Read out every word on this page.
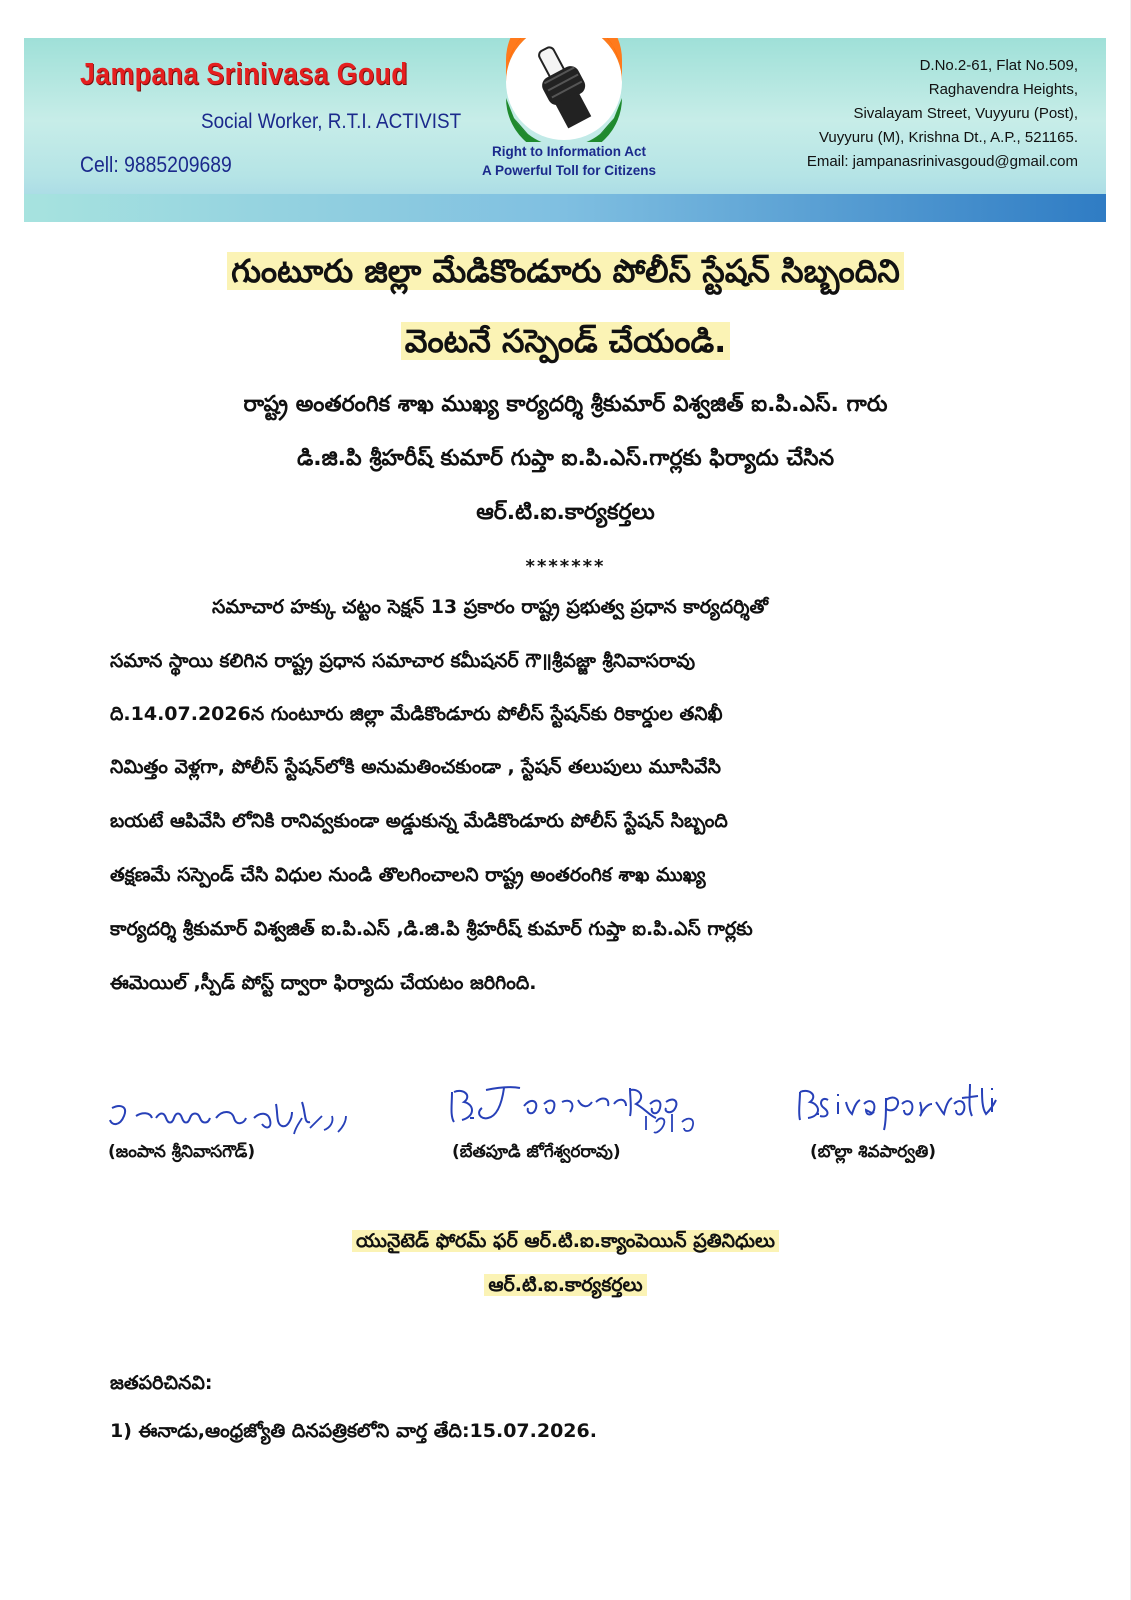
Jampana Srinivasa Goud
Social Worker, R.T.I. ACTIVIST
Cell: 9885209689
Right to Information Act
A Powerful Toll for Citizens
D.No.2-61, Flat No.509,
Raghavendra Heights,
Sivalayam Street, Vuyyuru (Post),
Vuyyuru (M), Krishna Dt., A.P., 521165.
Email: jampanasrinivasgoud@gmail.com
గుంటూరు జిల్లా మేడికొండూరు పోలీస్ స్టేషన్ సిబ్బందిని
వెంటనే సస్పెండ్ చేయండి.
రాష్ట్ర అంతరంగిక శాఖ ముఖ్య కార్యదర్శి శ్రీకుమార్ విశ్వజిత్ ఐ.పి.ఎస్. గారు
డి.జి.పి శ్రీహరీష్ కుమార్ గుప్తా ఐ.పి.ఎస్.గార్లకు ఫిర్యాదు చేసిన
ఆర్.టి.ఐ.కార్యకర్తలు
*******
సమాచార హక్కు చట్టం సెక్షన్ 13 ప్రకారం రాష్ట్ర ప్రభుత్వ ప్రధాన కార్యదర్శితో
సమాన స్థాయి కలిగిన రాష్ట్ర ప్రధాన సమాచార కమీషనర్ గౌ॥శ్రీవజ్జా శ్రీనివాసరావు
ది.14.07.2026న గుంటూరు జిల్లా మేడికొండూరు పోలీస్ స్టేషన్‌కు రికార్డుల తనిఖీ
నిమిత్తం వెళ్లగా, పోలీస్ స్టేషన్‌లోకి అనుమతించకుండా , స్టేషన్ తలుపులు మూసివేసి
బయటే ఆపివేసి లోనికి రానివ్వకుండా అడ్డుకున్న మేడికొండూరు పోలీస్ స్టేషన్ సిబ్బంది
తక్షణమే సస్పెండ్ చేసి విధుల నుండి తొలగించాలని రాష్ట్ర అంతరంగిక శాఖ ముఖ్య
కార్యదర్శి శ్రీకుమార్ విశ్వజిత్ ఐ.పి.ఎస్ ,డి.జి.పి శ్రీహరీష్ కుమార్ గుప్తా ఐ.పి.ఎస్ గార్లకు
ఈమెయిల్ ,స్పీడ్ పోస్ట్ ద్వారా ఫిర్యాదు చేయటం జరిగింది.
(జంపాన శ్రీనివాసగౌడ్)	(బేతపూడి జోగేశ్వరరావు)	(బొల్లా శివపార్వతి)
యునైటెడ్ ఫోరమ్ ఫర్ ఆర్.టి.ఐ.క్యాంపెయిన్ ప్రతినిధులు
ఆర్.టి.ఐ.కార్యకర్తలు
జతపరిచినవి:
1) ఈనాడు,ఆంధ్రజ్యోతి దినపత్రికలోని వార్త తేది:15.07.2026.
